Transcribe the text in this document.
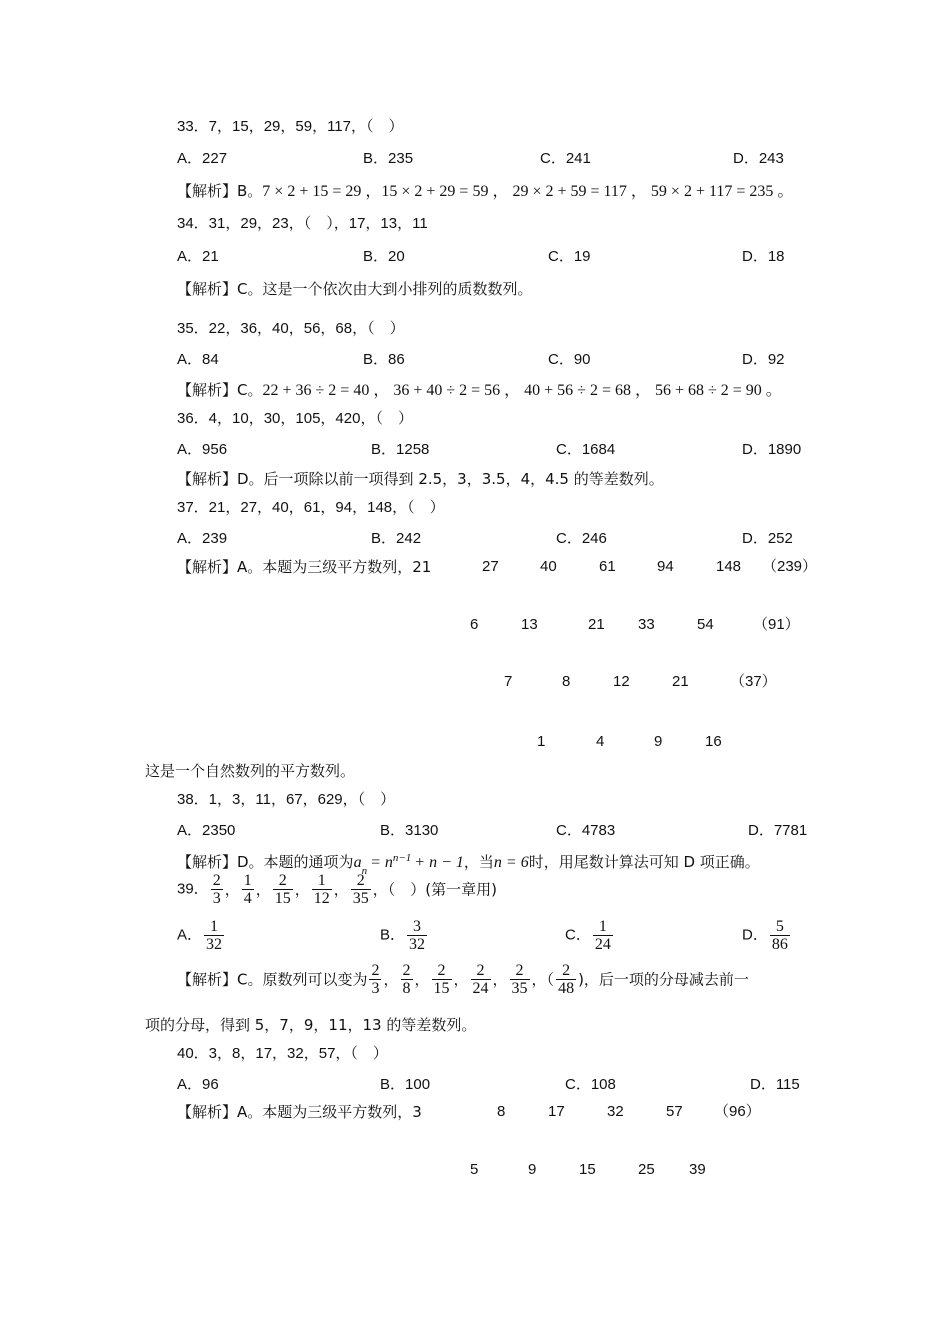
33．7，15，29，59，117，（　）
A．227	B．235	C．241	D．243
【解析】B。7 × 2 + 15 = 29 ，15 × 2 + 29 = 59 ， 29 × 2 + 59 = 117 ， 59 × 2 + 117 = 235 。
34．31，29，23，（　），17，13，11
A．21	B．20	C．19	D．18
【解析】C。这是一个依次由大到小排列的质数数列。
35．22，36，40，56，68，（　）
A．84	B．86	C．90	D．92
【解析】C。22 + 36 ÷ 2 = 40 ， 36 + 40 ÷ 2 = 56 ， 40 + 56 ÷ 2 = 68 ， 56 + 68 ÷ 2 = 90 。
36．4，10，30，105，420，（　）
A．956	B．1258	C．1684	D．1890
【解析】D。后一项除以前一项得到 2.5，3，3.5，4，4.5 的等差数列。
37．21，27，40，61，94，148，（　）
A．239	B．242	C．246	D．252
【解析】A。本题为三级平方数列，21	27	40	61	94	148 （239）
6	13	21 33	54	（91）
7	8	12	21	（37）
1	4	9	16
这是一个自然数列的平方数列。
38．1，3，11，67，629，（　）
A．2350	B．3130	C．4783	D．7781
【解析】D。本题的通项为$a_n = n^{n-1} + n - 1$，当n = 6时，用尾数计算法可知 D 项正确。
39． $\frac{2}{3}$ ， $\frac{1}{4}$ ， $\frac{2}{15}$ ， $\frac{1}{12}$ ， $\frac{2}{35}$ ，（　）(第一章用)
A． $\frac{1}{32}$	B． $\frac{3}{32}$	C． $\frac{1}{24}$	D． $\frac{5}{86}$
【解析】C。原数列可以变为 $\frac{2}{3}$ ， $\frac{2}{8}$ ， $\frac{2}{15}$ ， $\frac{2}{24}$ ， $\frac{2}{35}$ ，（ $\frac{2}{48}$ )，后一项的分母减去前一
项的分母，得到 5，7，9，11，13 的等差数列。
40．3，8，17，32，57，（　）
A．96	B．100	C．108	D．115
【解析】A。本题为三级平方数列，3	8	17	32	57 （96）
5	9	15	25 39
